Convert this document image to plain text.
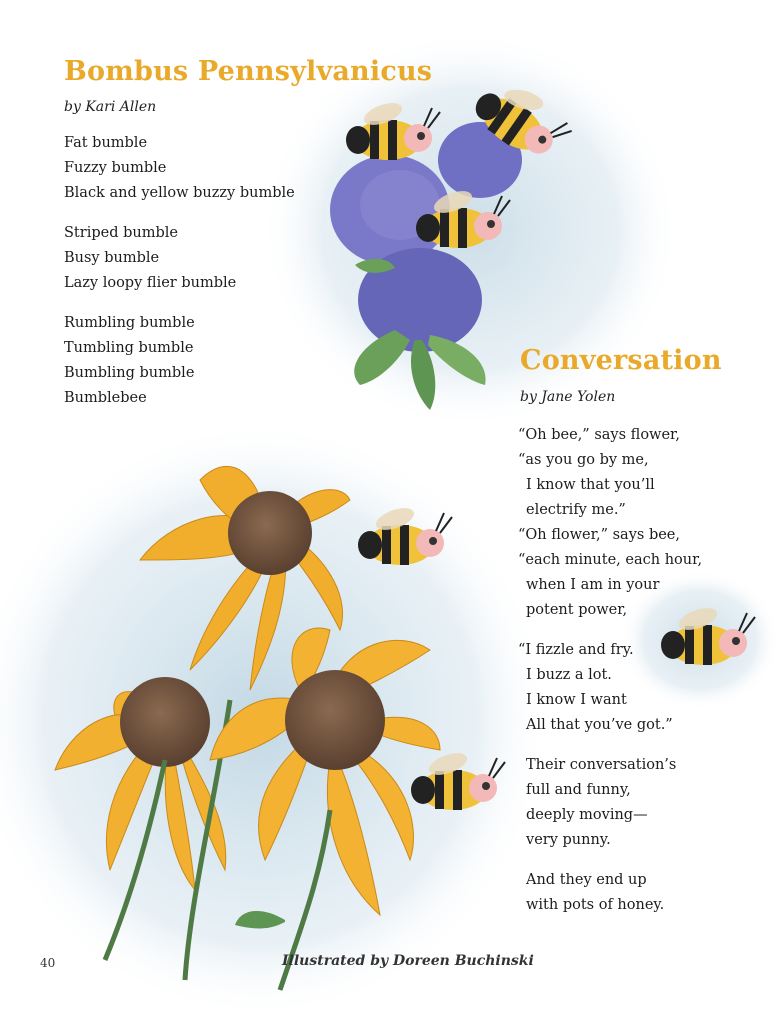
Bombus Pennsylvanicus
by Kari Allen
Fat bumble
Fuzzy bumble
Black and yellow buzzy bumble
Striped bumble
Busy bumble
Lazy loopy flier bumble
Rumbling bumble
Tumbling bumble
Bumbling bumble
Bumblebee
Conversation
by Jane Yolen
“Oh bee,” says flower,
“as you go by me,
I know that you’ll
electrify me.”
“Oh flower,” says bee,
“each minute, each hour,
when I am in your
potent power,
“I fizzle and fry.
I buzz a lot.
I know I want
All that you’ve got.”
Their conversation’s
full and funny,
deeply moving—
very punny.
And they end up
with pots of honey.
40	Illustrated by Doreen Buchinski
